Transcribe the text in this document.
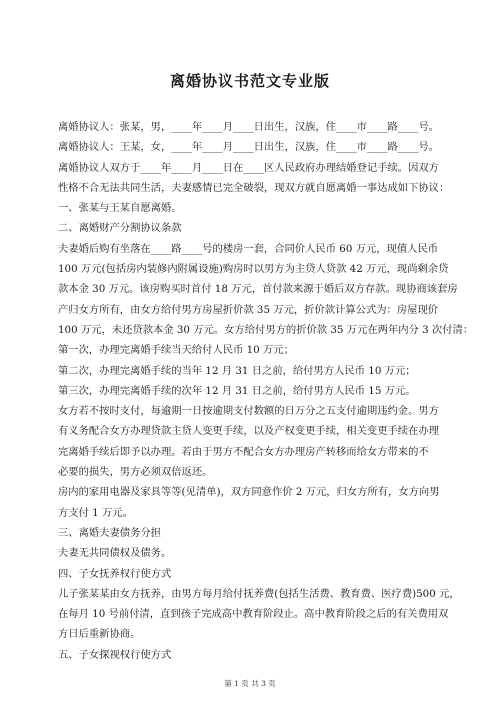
离婚协议书范文专业版
离婚协议人：张某，男，____年____月____日出生，汉族，住____市____路____号。
离婚协议人：王某，女，____年____月____日出生，汉族，住____市____路____号。
离婚协议人双方于____年____月____日在____区人民政府办理结婚登记手续。因双方
性格不合无法共同生活，夫妻感情已完全破裂，现双方就自愿离婚一事达成如下协议：
一、张某与王某自愿离婚。
二、离婚财产分割协议条款
夫妻婚后购有坐落在____路____号的楼房一套，合同价人民币 60 万元，现值人民币
100 万元(包括房内装修内附属设施)购房时以男方为主贷人贷款 42 万元，现尚剩余贷
款本金 30 万元。该房购买时首付 18 万元，首付款来源于婚后双方存款。现协商该套房
产归女方所有，由女方给付男方房屋折价款 35 万元，折价款计算公式为：房屋现价
100 万元，未还贷款本金 30 万元。女方给付男方的折价款 35 万元在两年内分 3 次付清：
第一次，办理完离婚手续当天给付人民币 10 万元；
第二次，办理完离婚手续的当年 12 月 31 日之前，给付男方人民币 10 万元；
第三次，办理完离婚手续的次年 12 月 31 日之前，给付男方人民币 15 万元。
女方若不按时支付，每逾期一日按逾期支付数额的日万分之五支付逾期违约金。男方
有义务配合女方办理贷款主贷人变更手续，以及产权变更手续，相关变更手续在办理
完离婚手续后即予以办理。若由于男方不配合女方办理房产转移而给女方带来的不
必要的损失，男方必须双倍返还。
房内的家用电器及家具等等(见清单)，双方同意作价 2 万元，归女方所有，女方向男
方支付 1 万元。
三、离婚夫妻债务分担
夫妻无共同债权及债务。
四、子女抚养权行使方式
儿子张某某由女方抚养，由男方每月给付抚养费(包括生活费、教育费、医疗费)500 元，
在每月 10 号前付清，直到孩子完成高中教育阶段止。高中教育阶段之后的有关费用双
方日后重新协商。
五、子女探视权行使方式
第 1 页 共 3 页
